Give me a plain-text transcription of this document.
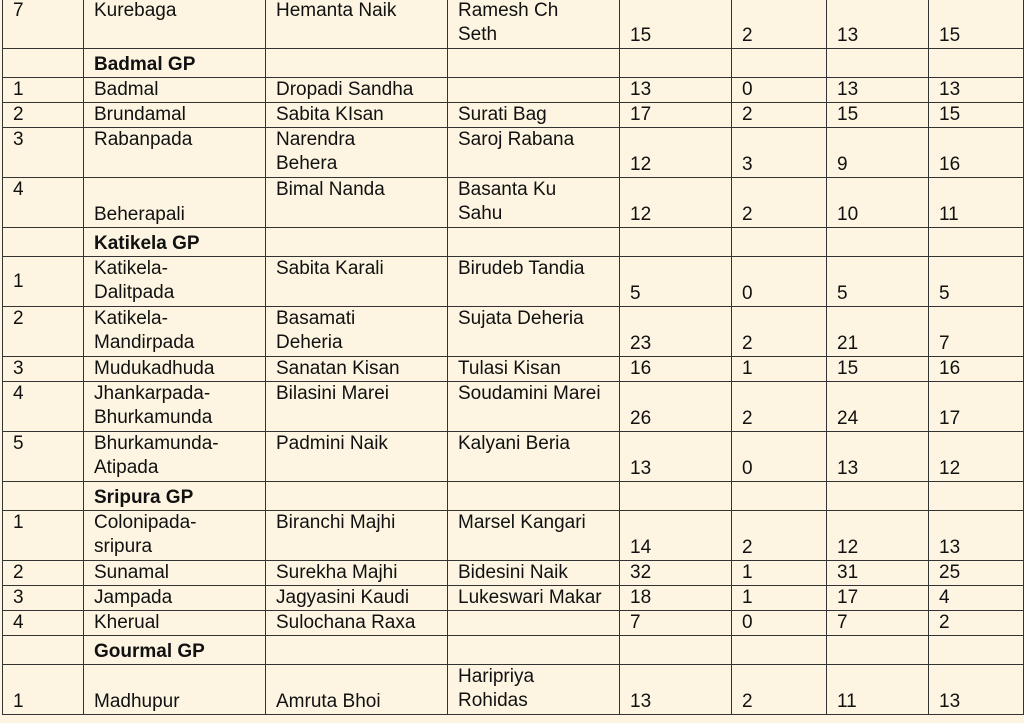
7	Kurebaga	Hemanta Naik	Ramesh Ch
Seth	15	2	13	15
	Badmal GP						
1	Badmal	Dropadi Sandha		13	0	13	13
2	Brundamal	Sabita KIsan	Surati Bag	17	2	15	15
3	Rabanpada	Narendra
Behera	Saroj Rabana	12	3	9	16
4	Beherapali	Bimal Nanda	Basanta Ku
Sahu	12	2	10	11
	Katikela GP						
1	Katikela-
Dalitpada	Sabita Karali	Birudeb Tandia	5	0	5	5
2	Katikela-
Mandirpada	Basamati
Deheria	Sujata Deheria	23	2	21	7
3	Mudukadhuda	Sanatan Kisan	Tulasi Kisan	16	1	15	16
4	Jhankarpada-
Bhurkamunda	Bilasini Marei	Soudamini Marei	26	2	24	17
5	Bhurkamunda-
Atipada	Padmini Naik	Kalyani Beria	13	0	13	12
	Sripura GP						
1	Colonipada-
sripura	Biranchi Majhi	Marsel Kangari	14	2	12	13
2	Sunamal	Surekha Majhi	Bidesini Naik	32	1	31	25
3	Jampada	Jagyasini Kaudi	Lukeswari Makar	18	1	17	4
4	Kherual	Sulochana Raxa		7	0	7	2
	Gourmal GP						
1	Madhupur	Amruta Bhoi	Haripriya
Rohidas	13	2	11	13
